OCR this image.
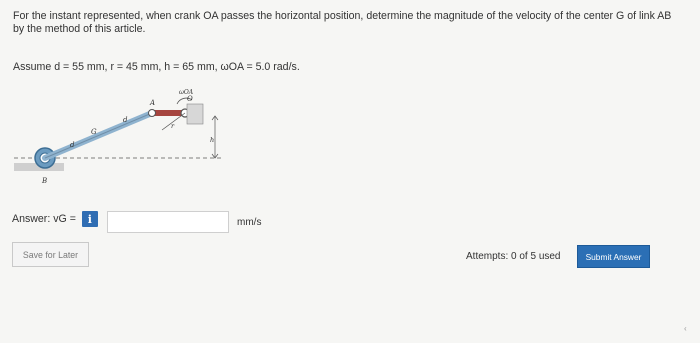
For the instant represented, when crank OA passes the horizontal position, determine the magnitude of the velocity of the center G of link AB by the method of this article.
Assume d = 55 mm, r = 45 mm, h = 65 mm, ωOA = 5.0 rad/s.
B
G
d
d
A	O
ωOA
r
h
Answer: vG =	i	mm/s
Save for Later	Attempts: 0 of 5 used	Submit Answer
‹
